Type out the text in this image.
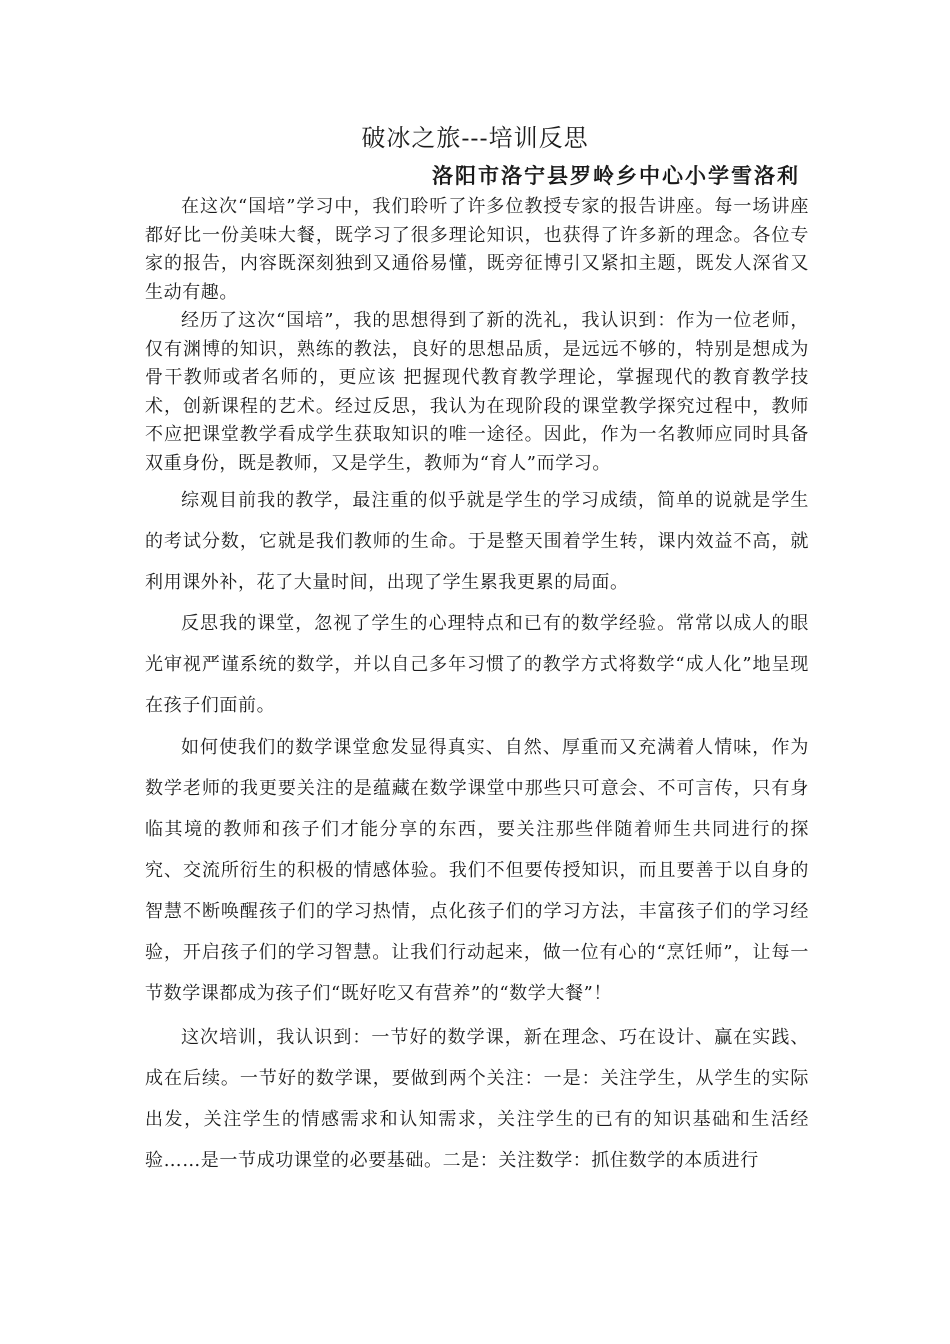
破冰之旅---培训反思

洛阳市洛宁县罗岭乡中心小学雪洛利

在这次“国培”学习中，我们聆听了许多位教授专家的报告讲座。每一场讲座都好比一份美味大餐，既学习了很多理论知识，也获得了许多新的理念。各位专家的报告，内容既深刻独到又通俗易懂，既旁征博引又紧扣主题，既发人深省又生动有趣。

经历了这次“国培”，我的思想得到了新的洗礼，我认识到：作为一位老师，仅有渊博的知识，熟练的教法，良好的思想品质，是远远不够的，特别是想成为骨干教师或者名师的，更应该 把握现代教育教学理论，掌握现代的教育教学技术，创新课程的艺术。经过反思，我认为在现阶段的课堂教学探究过程中，教师不应把课堂教学看成学生获取知识的唯一途径。因此，作为一名教师应同时具备双重身份，既是教师，又是学生，教师为“育人”而学习。

综观目前我的教学，最注重的似乎就是学生的学习成绩，简单的说就是学生的考试分数，它就是我们教师的生命。于是整天围着学生转，课内效益不高，就利用课外补，花了大量时间，出现了学生累我更累的局面。

反思我的课堂，忽视了学生的心理特点和已有的数学经验。常常以成人的眼光审视严谨系统的数学，并以自己多年习惯了的教学方式将数学“成人化”地呈现在孩子们面前。

如何使我们的数学课堂愈发显得真实、自然、厚重而又充满着人情味，作为数学老师的我更要关注的是蕴藏在数学课堂中那些只可意会、不可言传，只有身临其境的教师和孩子们才能分享的东西，要关注那些伴随着师生共同进行的探究、交流所衍生的积极的情感体验。我们不但要传授知识，而且要善于以自身的智慧不断唤醒孩子们的学习热情，点化孩子们的学习方法，丰富孩子们的学习经验，开启孩子们的学习智慧。让我们行动起来，做一位有心的“烹饪师”，让每一节数学课都成为孩子们“既好吃又有营养”的“数学大餐”！

这次培训，我认识到：一节好的数学课，新在理念、巧在设计、赢在实践、成在后续。一节好的数学课，要做到两个关注：一是：关注学生，从学生的实际出发，关注学生的情感需求和认知需求，关注学生的已有的知识基础和生活经验……是一节成功课堂的必要基础。二是：关注数学：抓住数学的本质进行
